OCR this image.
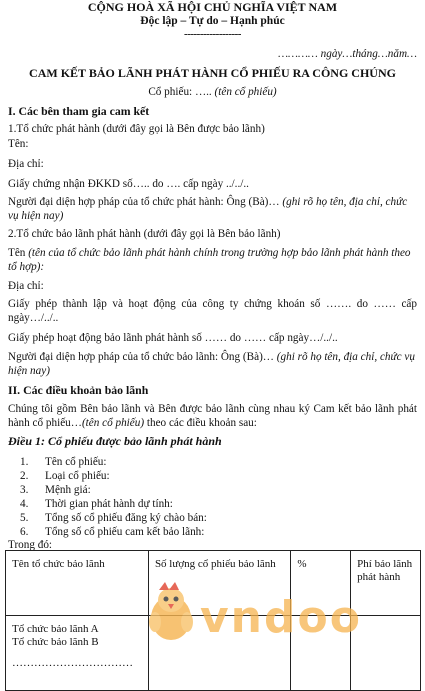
CỘNG HOÀ XÃ HỘI CHỦ NGHĨA VIỆT NAM
Độc lập – Tự do – Hạnh phúc
------------------
………… ngày…tháng…năm…
CAM KẾT BẢO LÃNH PHÁT HÀNH CỔ PHIẾU RA CÔNG CHÚNG
Cổ phiếu: ….. (tên cổ phiếu)
I. Các bên tham gia cam kết
1.Tổ chức phát hành (dưới đây gọi là Bên được bảo lãnh)
Tên:
Địa chỉ:
Giấy chứng nhận ĐKKD số….. do …. cấp ngày ../../..
Người đại diện hợp pháp của tổ chức phát hành: Ông (Bà)… (ghi rõ họ tên, địa chỉ, chức vụ hiện nay)
2.Tổ chức bảo lãnh phát hành (dưới đây gọi là Bên bảo lãnh)
Tên (tên của tổ chức bảo lãnh phát hành chính trong trường hợp bảo lãnh phát hành theo tổ hợp):
Địa chỉ:
Giấy phép thành lập và hoạt động của công ty chứng khoán số ……. do …… cấp ngày…/../..
Giấy phép hoạt động bảo lãnh phát hành số …… do …… cấp ngày…/../..
Người đại diện hợp pháp của tổ chức bảo lãnh: Ông (Bà)… (ghi rõ họ tên, địa chỉ, chức vụ hiện nay)
II. Các điều khoản bảo lãnh
Chúng tôi gồm Bên bảo lãnh và Bên được bảo lãnh cùng nhau ký Cam kết bảo lãnh phát hành cổ phiếu…(tên cổ phiếu) theo các điều khoản sau:
Điều 1: Cổ phiếu được bảo lãnh phát hành
1. Tên cổ phiếu:
2. Loại cổ phiếu:
3. Mệnh giá:
4. Thời gian phát hành dự tính:
5. Tổng số cổ phiếu đăng ký chào bán:
6. Tổng số cổ phiếu cam kết bảo lãnh:
Trong đó:
Tên tổ chức bảo lãnh	Số lượng cổ phiếu bảo lãnh	%	Phí bảo lãnh phát hành

Tổ chức bảo lãnh A
Tổ chức bảo lãnh B
……………………………			

vndoo
